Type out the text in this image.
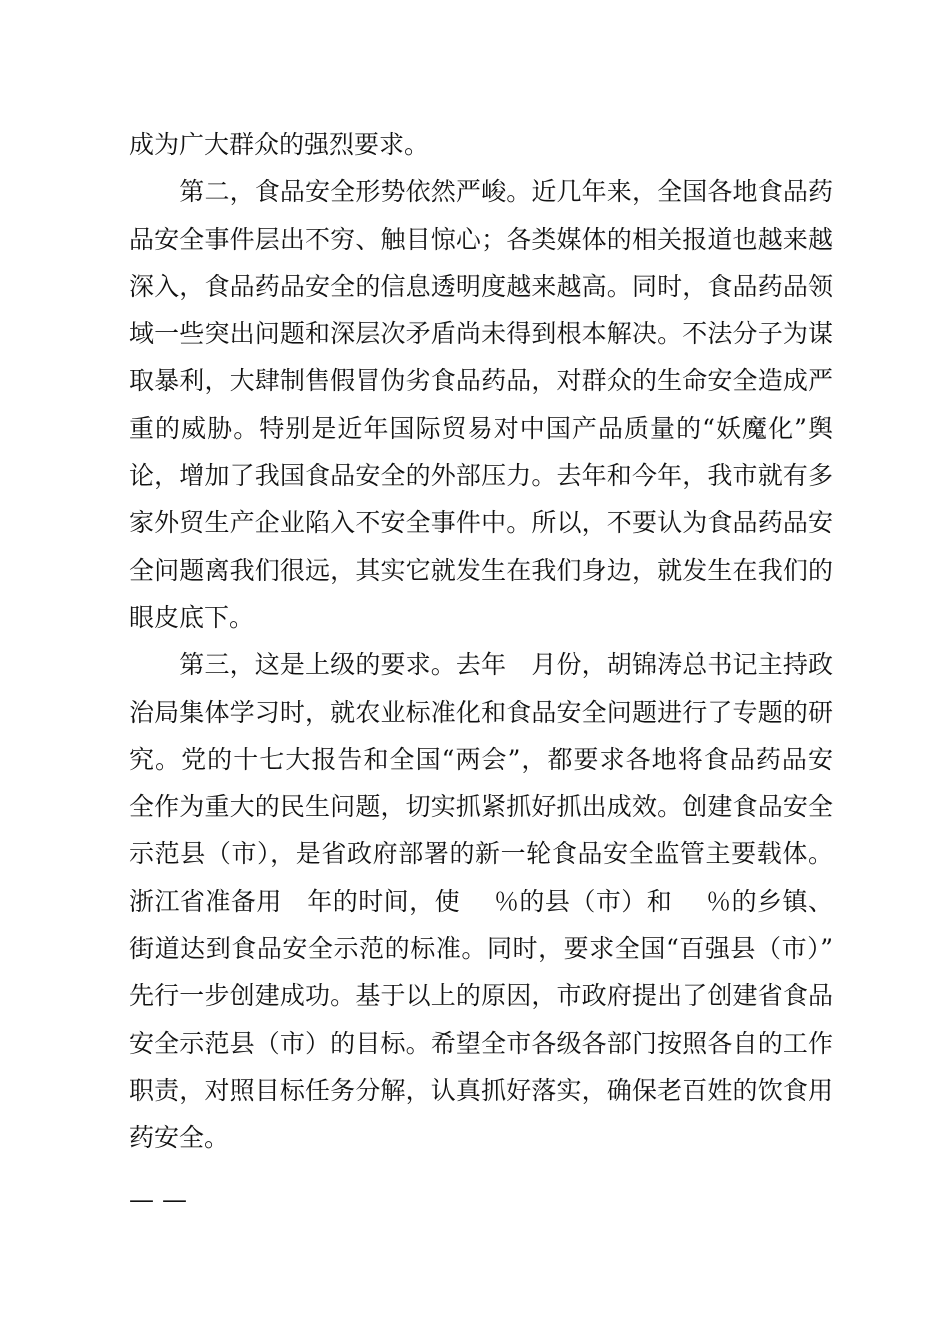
成为广大群众的强烈要求。
　　第二，食品安全形势依然严峻。近几年来，全国各地食品药
品安全事件层出不穷、触目惊心；各类媒体的相关报道也越来越
深入，食品药品安全的信息透明度越来越高。同时，食品药品领
域一些突出问题和深层次矛盾尚未得到根本解决。不法分子为谋
取暴利，大肆制售假冒伪劣食品药品，对群众的生命安全造成严
重的威胁。特别是近年国际贸易对中国产品质量的“妖魔化”舆
论，增加了我国食品安全的外部压力。去年和今年，我市就有多
家外贸生产企业陷入不安全事件中。所以，不要认为食品药品安
全问题离我们很远，其实它就发生在我们身边，就发生在我们的
眼皮底下。
　　第三，这是上级的要求。去年　月份，胡锦涛总书记主持政
治局集体学习时，就农业标准化和食品安全问题进行了专题的研
究。党的十七大报告和全国“两会”，都要求各地将食品药品安
全作为重大的民生问题，切实抓紧抓好抓出成效。创建食品安全
示范县（市），是省政府部署的新一轮食品安全监管主要载体。
浙江省准备用　年的时间，使　 ％的县（市）和　 ％的乡镇、
街道达到食品安全示范的标准。同时，要求全国“百强县（市）”
先行一步创建成功。基于以上的原因，市政府提出了创建省食品
安全示范县（市）的目标。希望全市各级各部门按照各自的工作
职责，对照目标任务分解，认真抓好落实，确保老百姓的饮食用
药安全。
— —
